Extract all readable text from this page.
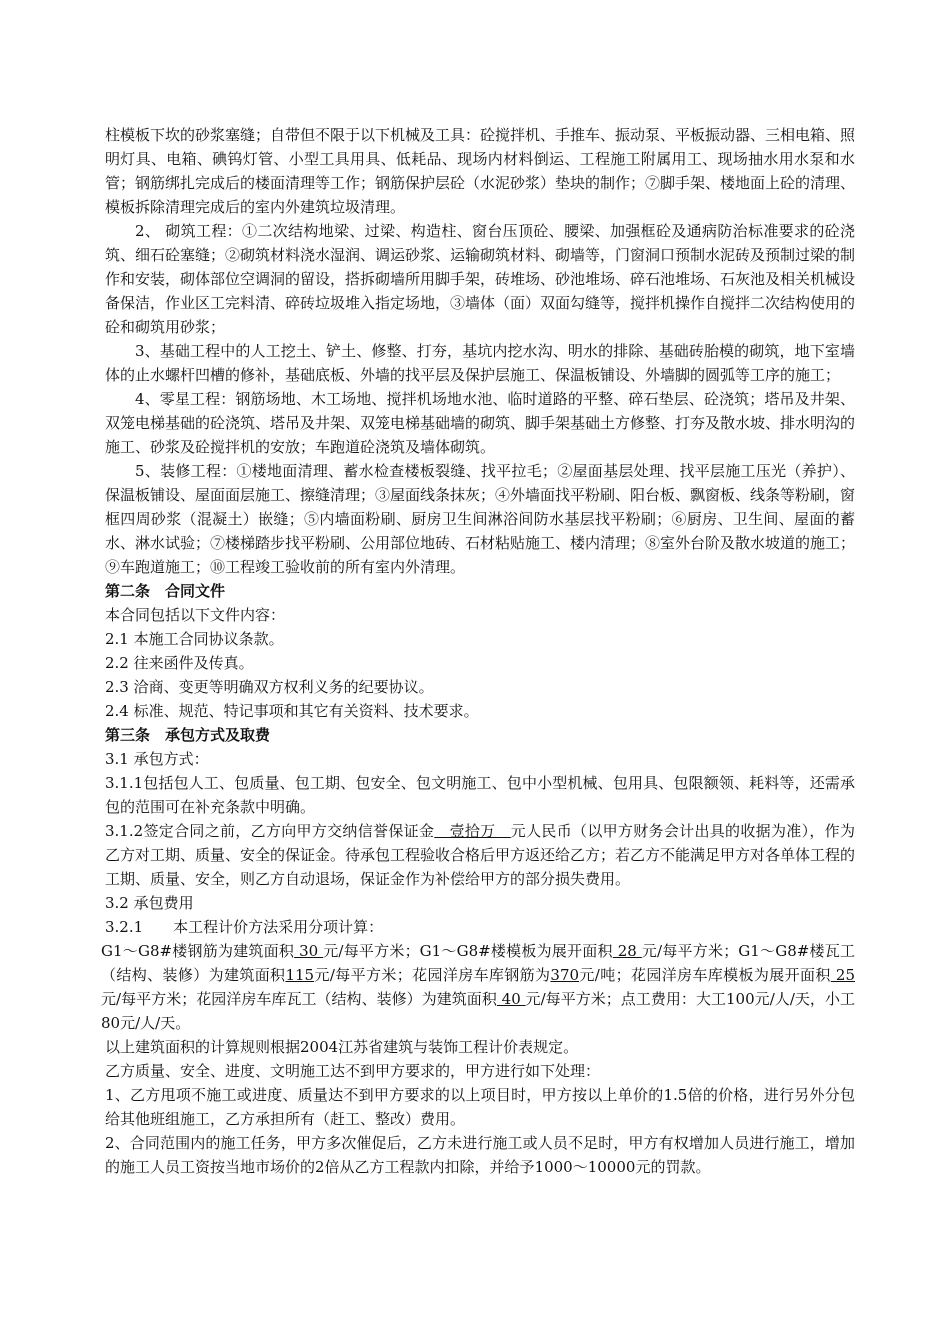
柱模板下坎的砂浆塞缝；自带但不限于以下机械及工具：砼搅拌机、手推车、振动泵、平板振动器、三相电箱、照明灯具、电箱、碘钨灯管、小型工具用具、低耗品、现场内材料倒运、工程施工附属用工、现场抽水用水泵和水管；钢筋绑扎完成后的楼面清理等工作；钢筋保护层砼（水泥砂浆）垫块的制作；⑦脚手架、楼地面上砼的清理、模板拆除清理完成后的室内外建筑垃圾清理。

2、 砌筑工程：①二次结构地梁、过梁、构造柱、窗台压顶砼、腰梁、加强框砼及通病防治标准要求的砼浇筑、细石砼塞缝；②砌筑材料浇水湿润、调运砂浆、运输砌筑材料、砌墙等，门窗洞口预制水泥砖及预制过梁的制作和安装，砌体部位空调洞的留设，搭拆砌墙所用脚手架，砖堆场、砂池堆场、碎石池堆场、石灰池及相关机械设备保洁，作业区工完料清、碎砖垃圾堆入指定场地，③墙体（面）双面勾缝等，搅拌机操作自搅拌二次结构使用的砼和砌筑用砂浆；

3、基础工程中的人工挖土、铲土、修整、打夯，基坑内挖水沟、明水的排除、基础砖胎模的砌筑，地下室墙体的止水螺杆凹槽的修补，基础底板、外墙的找平层及保护层施工、保温板铺设、外墙脚的圆弧等工序的施工；

4、零星工程：钢筋场地、木工场地、搅拌机场地水池、临时道路的平整、碎石垫层、砼浇筑；塔吊及井架、双笼电梯基础的砼浇筑、塔吊及井架、双笼电梯基础墙的砌筑、脚手架基础土方修整、打夯及散水坡、排水明沟的施工、砂浆及砼搅拌机的安放；车跑道砼浇筑及墙体砌筑。

5、装修工程：①楼地面清理、蓄水检查楼板裂缝、找平拉毛；②屋面基层处理、找平层施工压光（养护）、保温板铺设、屋面面层施工、擦缝清理；③屋面线条抹灰；④外墙面找平粉刷、阳台板、飘窗板、线条等粉刷，窗框四周砂浆（混凝土）嵌缝；⑤内墙面粉刷、厨房卫生间淋浴间防水基层找平粉刷；⑥厨房、卫生间、屋面的蓄水、淋水试验；⑦楼梯踏步找平粉刷、公用部位地砖、石材粘贴施工、楼内清理；⑧室外台阶及散水坡道的施工；⑨车跑道施工；⑩工程竣工验收前的所有室内外清理。

第二条　合同文件

本合同包括以下文件内容：

2.1 本施工合同协议条款。

2.2 往来函件及传真。

2.3 洽商、变更等明确双方权利义务的纪要协议。

2.4 标准、规范、特记事项和其它有关资料、技术要求。

第三条　承包方式及取费

3.1 承包方式：

3.1.1包括包人工、包质量、包工期、包安全、包文明施工、包中小型机械、包用具、包限额领、耗料等，还需承包的范围可在补充条款中明确。

3.1.2签定合同之前，乙方向甲方交纳信誉保证金　壹拾万　元人民币（以甲方财务会计出具的收据为准），作为乙方对工期、质量、安全的保证金。待承包工程验收合格后甲方返还给乙方；若乙方不能满足甲方对各单体工程的工期、质量、安全，则乙方自动退场，保证金作为补偿给甲方的部分损失费用。

3.2 承包费用

3.2.1　　本工程计价方法采用分项计算：

G1～G8#楼钢筋为建筑面积 30 元/每平方米；G1～G8#楼模板为展开面积 28 元/每平方米；G1～G8#楼瓦工（结构、装修）为建筑面积115元/每平方米；花园洋房车库钢筋为370元/吨；花园洋房车库模板为展开面积 25 元/每平方米；花园洋房车库瓦工（结构、装修）为建筑面积 40 元/每平方米；点工费用：大工100元/人/天，小工80元/人/天。

以上建筑面积的计算规则根据2004江苏省建筑与装饰工程计价表规定。

乙方质量、安全、进度、文明施工达不到甲方要求的，甲方进行如下处理：

1、乙方甩项不施工或进度、质量达不到甲方要求的以上项目时，甲方按以上单价的1.5倍的价格，进行另外分包给其他班组施工，乙方承担所有（赶工、整改）费用。

2、合同范围内的施工任务，甲方多次催促后，乙方未进行施工或人员不足时，甲方有权增加人员进行施工，增加的施工人员工资按当地市场价的2倍从乙方工程款内扣除，并给予1000～10000元的罚款。
